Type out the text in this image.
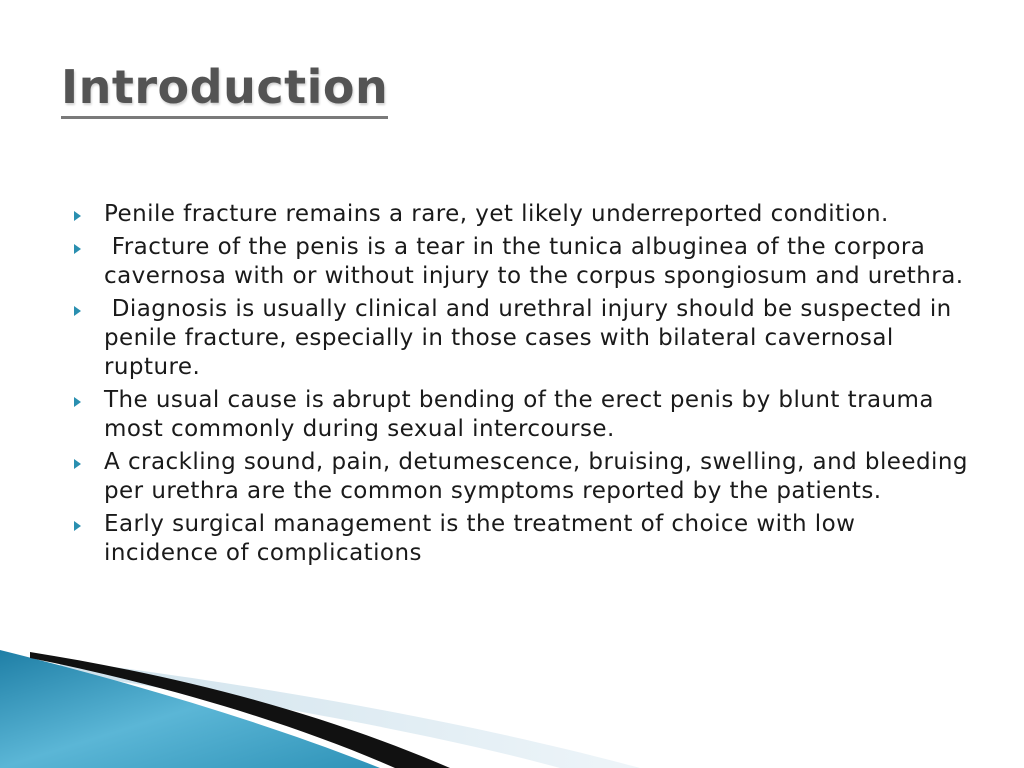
Introduction
Penile fracture remains a rare, yet likely underreported condition.
Fracture of the penis is a tear in the tunica albuginea of the corpora cavernosa with or without injury to the corpus spongiosum and urethra.
Diagnosis is usually clinical and urethral injury should be suspected in penile fracture, especially in those cases with bilateral cavernosal rupture.
The usual cause is abrupt bending of the erect penis by blunt trauma most commonly during sexual intercourse.
A crackling sound, pain, detumescence, bruising, swelling, and bleeding per urethra are the common symptoms reported by the patients.
Early surgical management is the treatment of choice with low incidence of complications
